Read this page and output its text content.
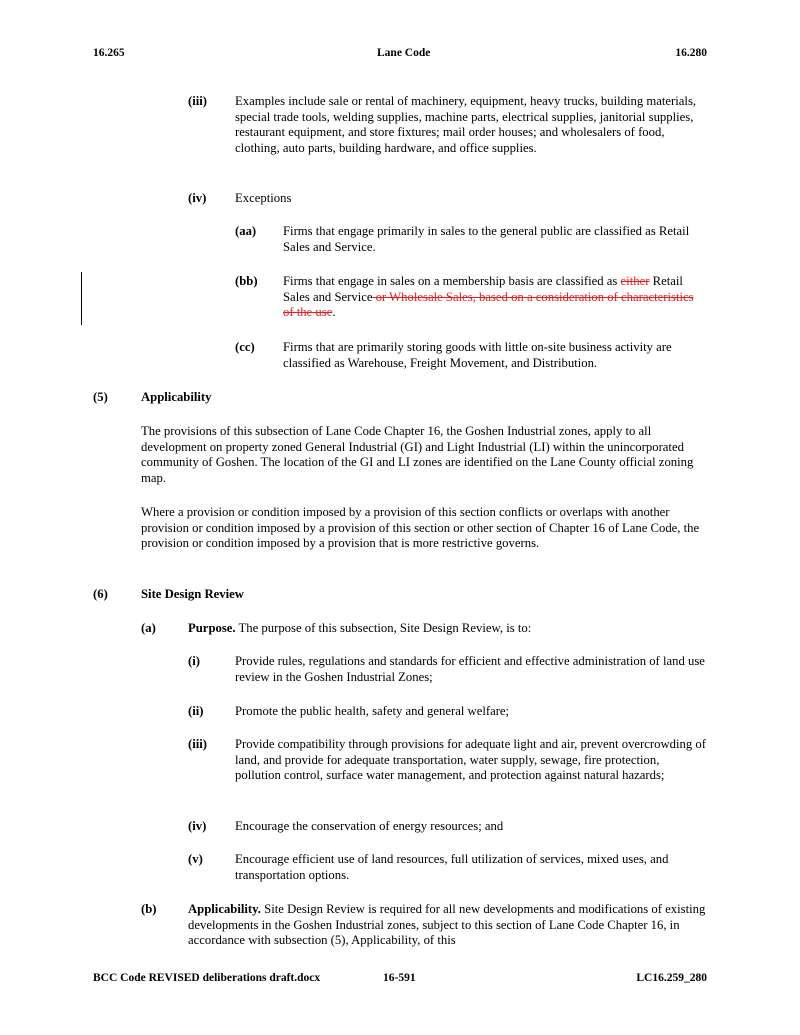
16.265	Lane Code	16.280
(iii) Examples include sale or rental of machinery, equipment, heavy trucks, building materials, special trade tools, welding supplies, machine parts, electrical supplies, janitorial supplies, restaurant equipment, and store fixtures; mail order houses; and wholesalers of food, clothing, auto parts, building hardware, and office supplies.
(iv) Exceptions
(aa) Firms that engage primarily in sales to the general public are classified as Retail Sales and Service.
(bb) Firms that engage in sales on a membership basis are classified as either Retail Sales and Service or Wholesale Sales, based on a consideration of characteristics of the use.
(cc) Firms that are primarily storing goods with little on-site business activity are classified as Warehouse, Freight Movement, and Distribution.
(5)	Applicability
The provisions of this subsection of Lane Code Chapter 16, the Goshen Industrial zones, apply to all development on property zoned General Industrial (GI) and Light Industrial (LI) within the unincorporated community of Goshen. The location of the GI and LI zones are identified on the Lane County official zoning map.
Where a provision or condition imposed by a provision of this section conflicts or overlaps with another provision or condition imposed by a provision of this section or other section of Chapter 16 of Lane Code, the provision or condition imposed by a provision that is more restrictive governs.
(6)	Site Design Review
(a)	Purpose. The purpose of this subsection, Site Design Review, is to:
(i)	Provide rules, regulations and standards for efficient and effective administration of land use review in the Goshen Industrial Zones;
(ii) Promote the public health, safety and general welfare;
(iii) Provide compatibility through provisions for adequate light and air, prevent overcrowding of land, and provide for adequate transportation, water supply, sewage, fire protection, pollution control, surface water management, and protection against natural hazards;
(iv) Encourage the conservation of energy resources; and
(v)	Encourage efficient use of land resources, full utilization of services, mixed uses, and transportation options.
(b) Applicability. Site Design Review is required for all new developments and modifications of existing developments in the Goshen Industrial zones, subject to this section of Lane Code Chapter 16, in accordance with subsection (5), Applicability, of this
BCC Code REVISED deliberations draft.docx	16-591	LC16.259_280
